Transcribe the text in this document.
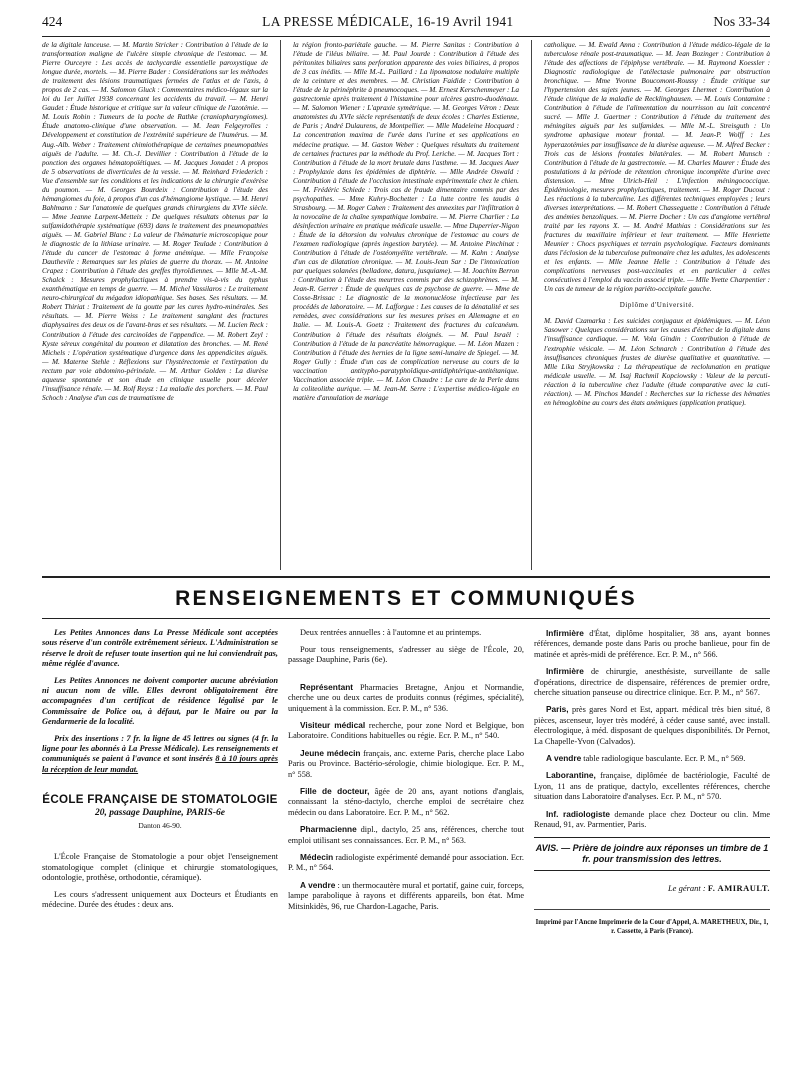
424	LA PRESSE MÉDICALE, 16-19 Avril 1941	Nos 33-34

de la digitale lanceuse. — M. Martin Stricker : Contribution à l'étude de la transformation maligne de l'ulcère simple chronique de l'estomac. — M. Pierre Ourceyre : Les accès de tachycardie essentielle paroxystique de longue durée, mortels. — M. Pierre Bader : Considérations sur les méthodes de traitement des lésions traumatiques fermées de l'atlas et de l'axis, à propos de 2 cas. — M. Salomon Gluck : Commentaires médico-légaux sur la loi du 1er Juillet 1938 concernant les accidents du travail. — M. Henri Gaudet : Étude historique et critique sur la valeur clinique de l'azotémie. — M. Louis Robin : Tumeurs de la poche de Rathke (craniopharyngiomes). Étude anatomo-clinique d'une observation. — M. Jean Felgeyrolles : Développement et constitution de l'extrémité supérieure de l'humérus. — M. Aug.-Alb. Weber : Traitement chimiothérapique de certaines pneumopathies aiguës de l'adulte. — M. Ch.-J. Devillier : Contribution à l'étude de la ponction des organes hématopoïétiques. — M. Jacques Jonadet : A propos de 5 observations de diverticules de la vessie. — M. Reinhard Friederich : Vue d'ensemble sur les conditions et les indications de la chirurgie d'exérèse du poumon. — M. Georges Bourdeix : Contribution à l'étude des hémangiomes du foie, à propos d'un cas d'hémangiome kystique. — M. Henri Bahlmann : Sur l'anatomie de quelques grands chirurgiens du XVIe siècle. — Mme Jeanne Larpent-Metteix : De quelques résultats obtenus par la sulfamidothérapie systématique (693) dans le traitement des pneumopathies aiguës. — M. Gabriel Blanc : La valeur de l'hématurie microscopique pour le diagnostic de la lithiase urinaire. — M. Roger Teulade : Contribution à l'étude du cancer de l'estomac à forme anémique. — Mlle Françoise Dauthevile : Remarques sur les plaies de guerre du thorax. — M. Antoine Crapez : Contribution à l'étude des greffes thyroïdiennes. — Mlle M.-A.-M. Schalck : Mesures prophylactiques à prendre vis-à-vis du typhus exanthématique en temps de guerre. — M. Michel Vassilaros : Le traitement neuro-chirurgical du mégadon idiopathique. Ses bases. Ses résultats. — M. Robert Thiriat : Traitement de la goutte par les cures hydro-minérales. Ses résultats. — M. Pierre Weiss : Le traitement sanglant des fractures diaphysaires des deux os de l'avant-bras et ses résultats. — M. Lucien Reck : Contribution à l'étude des carcinoïdes de l'appendice. — M. Robert Zeyl : Kyste séreux congénital du poumon et dilatation des bronches. — M. René Michels : L'opération systématique d'urgence dans les appendicites aiguës. — M. Materne Stehle : Réflexions sur l'hystérectomie et l'extirpation du rectum par voie abdomino-périnéale. — M. Arthur Golden : La diurèse aqueuse spontanée et son étude en clinique usuelle pour déceler l'insuffisance rénale. — M. Rolf Reysz : La maladie des porchers. — M. Paul Schoch : Analyse d'un cas de traumatisme de

la région fronto-pariétale gauche. — M. Pierre Sanitas : Contribution à l'étude de l'iléus biliaire. — M. Paul Jourde : Contribution à l'étude des péritonites biliaires sans perforation apparente des voies biliaires, à propos de 3 cas inédits. — Mlle M.-L. Paillard : La lipomatose nodulaire multiple de la ceinture et des membres. — M. Christian Faidide : Contribution à l'étude de la périnéphrite à pneumocoques. — M. Ernest Kerschenmeyer : La gastrectomie après traitement à l'histamine pour ulcères gastro-duodénaux. — M. Salomon Wiener : L'apraxie symétrique. — M. Georges Véron : Deux anatomistes du XVIe siècle représentatifs de deux écoles : Charles Estienne, de Paris ; André Dulaurens, de Montpellier. — Mlle Madeleine Hocquard : La concentration maxima de l'urée dans l'urine et ses applications en médecine pratique. — M. Gaston Weber : Quelques résultats du traitement de certaines fractures par la méthode du Prof. Leriche. — M. Jacques Tort : Contribution à l'étude de la mort brutale dans l'asthme. — M. Jacques Auer : Prophylaxie dans les épidémies de diphtérie. — Mlle Andrée Oswald : Contribution à l'étude de l'occlusion intestinale expérimentale chez le chien. — M. Frédéric Schiede : Trois cas de fraude dimentaire commis par des psychopathes. — Mme Kuhry-Bochetter : La lutte contre les taudis à Strasbourg. — M. Roger Cahen : Traitement des annexites par l'infiltration à la novocaïne de la chaîne sympathique lombaire. — M. Pierre Charlier : La désinfection urinaire en pratique médicale usuelle. — Mme Duperrier-Nigon : Étude de la détorsion du volvulus chronique de l'estomac au cours de l'examen radiologique (après ingestion barytée). — M. Antoine Pinchinat : Contribution à l'étude de l'ostéomyélite vertébrale. — M. Kahn : Analyse d'un cas de dilatation chronique. — M. Louis-Jean Sar : De l'intoxication par quelques solanées (belladone, datura, jusquiame). — M. Joachim Berron : Contribution à l'étude des meurtres commis par des schizophrènes. — M. Jean-R. Gerrer : Étude de quelques cas de psychose de guerre. — Mme de Cosse-Brissac : Le diagnostic de la mononucléose infectieuse par les procédés de laboratoire. — M. Lafforgue : Les causes de la dénatalité et ses remèdes, avec considérations sur les mesures prises en Allemagne et en Italie. — M. Louis-A. Goetz : Traitement des fractures du calcanéum. Contribution à l'étude des résultats éloignés. — M. Paul Israël : Contribution à l'étude de la pancréatite hémorragique. — M. Léon Mazen : Contribution à l'étude des hernies de la ligne semi-lunaire de Spiegel. — M. Roger Gully : Étude d'un cas de complication nerveuse au cours de la vaccination antitypho-paratyphoïdique-antidiphtérique-antitétanique. Vaccination associée triple. — M. Léon Chaudre : Le cure de la Perle dans la coliteolithe aurique. — M. Jean-M. Serre : L'expertise médico-légale en matière d'annulation de mariage

catholique. — M. Ewald Anna : Contribution à l'étude médico-légale de la tuberculose rénale post-traumatique. — M. Jean Bozinger : Contribution à l'étude des affections de l'épiphyse vertébrale. — M. Raymond Koessler : Diagnostic radiologique de l'atélectasie pulmonaire par obstruction bronchique. — Mme Yvonne Boucomont-Roussy : Étude critique sur l'hypertension des sujets jeunes. — M. Georges Lhermet : Contribution à l'étude clinique de la maladie de Recklinghausen. — M. Louis Contamine : Contribution à l'étude de l'alimentation du nourrisson au lait concentré sucré. — Mlle J. Gaertner : Contribution à l'étude du traitement des méningites aiguës par les sulfamides. — Mlle M.-L. Streisguth : Un syndrome aphasique moteur frontal. — M. Jean-P. Wolff : Les hyperazotémies par insuffisance de la diurèse aqueuse. — M. Alfred Becker : Trois cas de lésions frontales bilatérales. — M. Robert Munsch : Contribution à l'étude de la gastrectomie. — M. Charles Maurer : Étude des postulations à la période de rétention chronique incomplète d'urine avec distension. — Mme Ulrich-Heil : L'infection méningococcique. Épidémiologie, mesures prophylactiques, traitement. — M. Roger Ducout : Les réactions à la tuberculine. Les différentes techniques employées ; leurs diverses interprétations. — M. Robert Chasseguette : Contribution à l'étude des anémies benzoliques. — M. Pierre Docher : Un cas d'angiome vertébral traité par les rayons X. — M. André Mathias : Considérations sur les fractures du maxillaire inférieur et leur traitement. — Mlle Henriette Meunier : Chocs psychiques et terrain psychologique. Facteurs dominants dans l'éclosion de la tuberculose pulmonaire chez les adultes, les adolescents et les enfants. — Mlle Jeanne Helle : Contribution à l'étude des complications nerveuses post-vaccinales et en particulier à celles consécutives à l'emploi du vaccin associé triple. — Mlle Yvette Charpentier : Un cas de tumeur de la région pariéto-occipitale gauche.

Diplôme d'Université.

M. David Czamarka : Les suicides conjugaux et épidémiques. — M. Léon Sasower : Quelques considérations sur les causes d'échec de la digitale dans l'insuffisance cardiaque. — M. Vola Gindin : Contribution à l'étude de l'extrophie vésicale. — M. Léon Schnarch : Contribution à l'étude des insuffisances chroniques frustes de diurèse qualitative et quantitative. — Mlle Lika Stryjkowska : La thérapeutique de reclolunation en pratique médicale usuelle. — M. Isaj Rachmil Kopciowsky : Valeur de la percuti-réaction à la tuberculine chez l'adulte (étude comparative avec la cuti-réaction). — M. Pinchos Mandel : Recherches sur la richesse des hématies en hémoglobine au cours des états anémiques (application pratique).

RENSEIGNEMENTS ET COMMUNIQUÉS

Les Petites Annonces dans La Presse Médicale sont acceptées sous réserve d'un contrôle extrêmement sérieux. L'Administration se réserve le droit de refuser toute insertion qui ne lui conviendrait pas, même réglée d'avance.

Les Petites Annonces ne doivent comporter aucune abréviation ni aucun nom de ville. Elles devront obligatoirement être accompagnées d'un certificat de résidence légalisé par le Commissaire de Police ou, à défaut, par le Maire ou par la Gendarmerie de la localité.

Prix des insertions : 7 fr. la ligne de 45 lettres ou signes (4 fr. la ligne pour les abonnés à La Presse Médicale). Les renseignements et communiqués se paient à l'avance et sont insérés 8 à 10 jours après la réception de leur mandat.

ÉCOLE FRANÇAISE DE STOMATOLOGIE
20, passage Dauphine, PARIS-6e
Danton 46-90.

L'École Française de Stomatologie a pour objet l'enseignement stomatologique complet (clinique et chirurgie stomatologiques, odontologie, prothèse, orthodontie, céramique).

Les cours s'adressent uniquement aux Docteurs et Étudiants en médecine. Durée des études : deux ans.

Deux rentrées annuelles : à l'automne et au printemps.

Pour tous renseignements, s'adresser au siège de l'École, 20, passage Dauphine, Paris (6e).

Représentant Pharmacies Bretagne, Anjou et Normandie, cherche une ou deux cartes de produits connus (régimes, spécialité), uniquement à la commission. Ecr. P. M., n° 536.

Visiteur médical recherche, pour zone Nord et Belgique, bon Laboratoire. Conditions habituelles ou régie. Ecr. P. M., n° 540.

Jeune médecin français, anc. externe Paris, cherche place Labo Paris ou Province. Bactério-sérologie, chimie biologique. Ecr. P. M., n° 558.

Fille de docteur, âgée de 20 ans, ayant notions d'anglais, connaissant la sténo-dactylo, cherche emploi de secrétaire chez médecin ou dans Laboratoire. Ecr. P. M., n° 562.

Pharmacienne dipl., dactylo, 25 ans, références, cherche tout emploi utilisant ses connaissances. Ecr. P. M., n° 563.

Médecin radiologiste expérimenté demandé pour association. Ecr. P. M., n° 564.

A vendre : un thermocautère mural et portatif, gaine cuir, forceps, lampe parabolique à rayons et différents appareils, bon état. Mme Mitsinkidès, 96, rue Chardon-Lagache, Paris.

Infirmière d'État, diplôme hospitalier, 38 ans, ayant bonnes références, demande poste dans Paris ou proche banlieue, pour fin de matinée et après-midi de préférence. Ecr. P. M., n° 566.

Infirmière de chirurgie, anesthésiste, surveillante de salle d'opérations, directrice de dispensaire, références de premier ordre, cherche situation panseuse ou directrice clinique. Ecr. P. M., n° 567.

Paris, près gares Nord et Est, appart. médical très bien situé, 8 pièces, ascenseur, loyer très modéré, à céder cause santé, avec install. électrologique, à méd. disposant de quelques disponibilités. Dr Pernot, La Chapelle-Yvon (Calvados).

A vendre table radiologique basculante. Ecr. P. M., n° 569.

Laborantine, française, diplômée de bactériologie, Faculté de Lyon, 11 ans de pratique, dactylo, excellentes références, cherche situation dans Laboratoire d'analyses. Ecr. P. M., n° 570.

Inf. radiologiste demande place chez Docteur ou clin. Mme Renaud, 91, av. Parmentier, Paris.

AVIS. — Prière de joindre aux réponses un timbre de 1 fr. pour transmission des lettres.
Le gérant : F. AMIRAULT.
Imprimé par l'Ancne Imprimerie de la Cour d'Appel, A. MARETHEUX, Dir., 1, r. Cassette, à Paris (France).
